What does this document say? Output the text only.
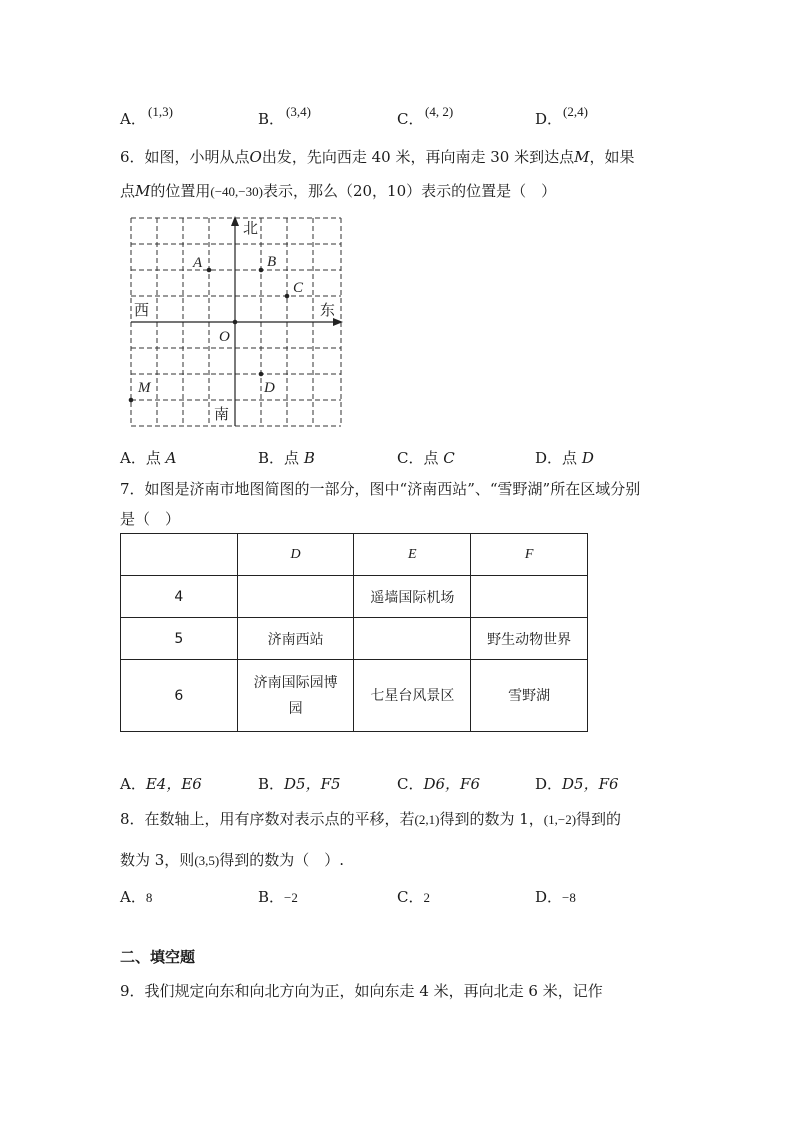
A． (1,3)	B． (3,4)	C． (4, 2)	D． (2,4)
6．如图，小明从点O出发，先向西走 40 米，再向南走 30 米到达点M，如果
点M的位置用(−40,−30)表示，那么（20，10）表示的位置是（　）
A	B
C
O
D
M
北
南
西	东
A．点 A	B．点 B	C．点 C	D．点 D
7．如图是济南市地图简图的一部分，图中“济南西站”、“雪野湖”所在区域分别
是（　）
	D	E	F
4		遥墙国际机场	
5	济南西站		野生动物世界
6	济南国际园博
园	七星台风景区	雪野湖
A．E4，E6	B．D5，F5	C．D6，F6	D．D5，F6
8．在数轴上，用有序数对表示点的平移，若(2,1)得到的数为 1，(1,−2)得到的
数为 3，则(3,5)得到的数为（　）.
A．8	B．−2	C．2	D．−8
二、填空题
9．我们规定向东和向北方向为正，如向东走 4 米，再向北走 6 米，记作
